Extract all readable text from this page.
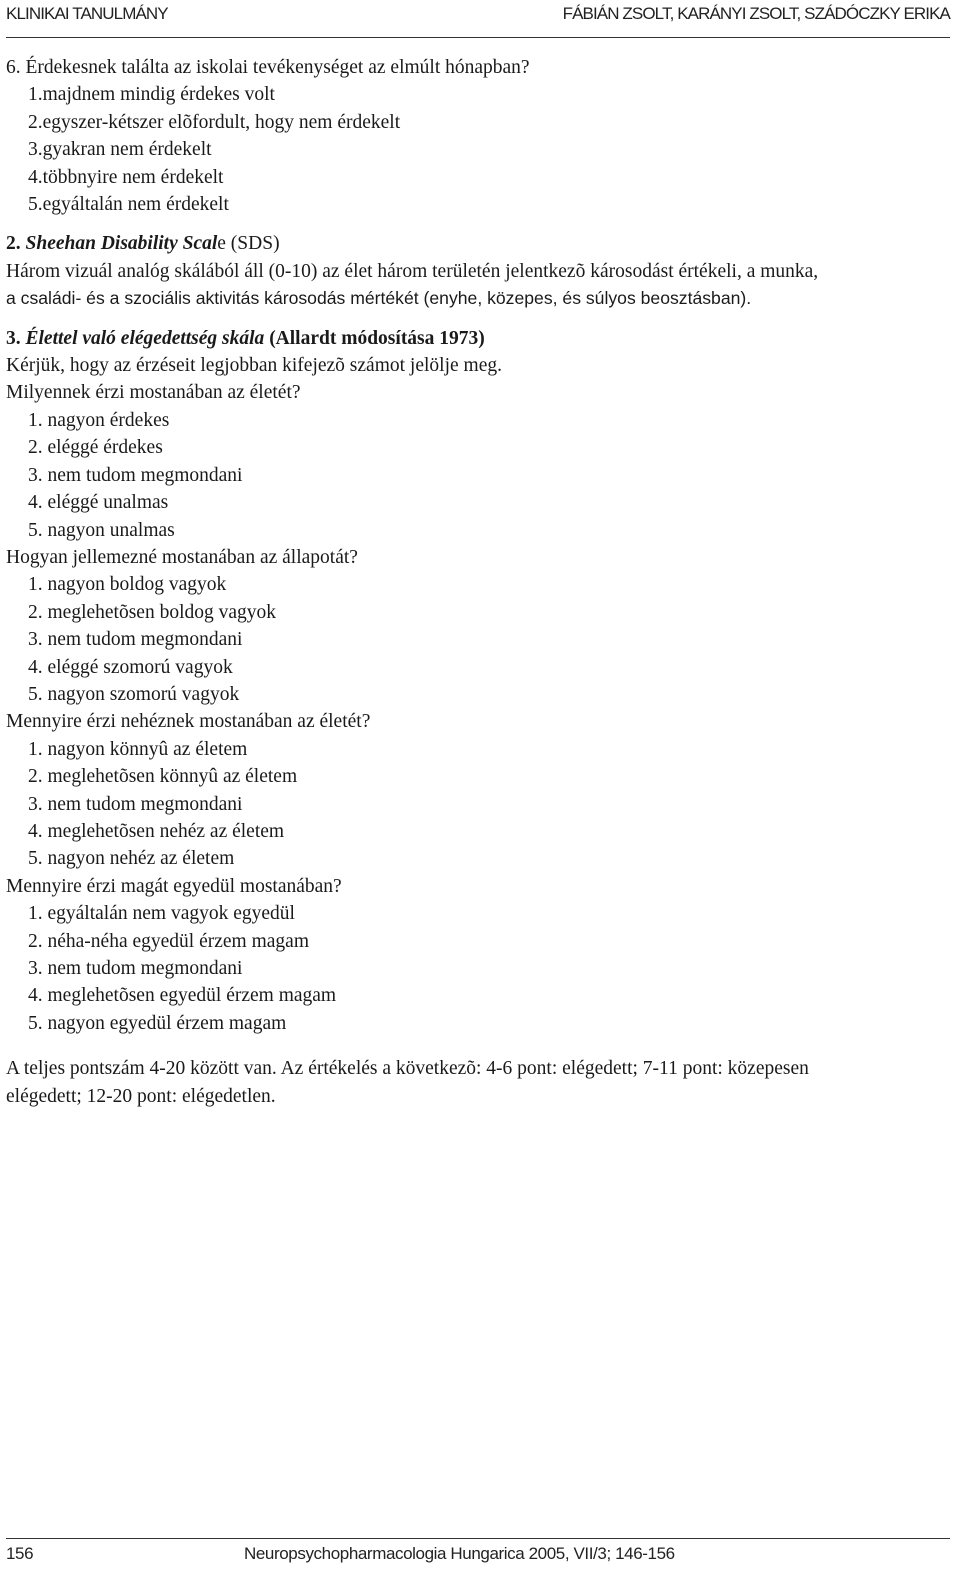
KLINIKAI TANULMÁNY	FÁBIÁN ZSOLT, KARÁNYI ZSOLT, SZÁDÓCZKY ERIKA
6. Érdekesnek találta az iskolai tevékenységet az elmúlt hónapban?
1.majdnem mindig érdekes volt
2.egyszer-kétszer elõfordult, hogy nem érdekelt
3.gyakran nem érdekelt
4.többnyire nem érdekelt
5.egyáltalán nem érdekelt
2. Sheehan Disability Scale (SDS)
Három vizuál analóg skálából áll (0-10) az élet három területén jelentkezõ károsodást értékeli, a munka,
a családi- és a szociális aktivitás károsodás mértékét (enyhe, közepes, és súlyos beosztásban).
3. Élettel való elégedettség skála (Allardt módosítása 1973)
Kérjük, hogy az érzéseit legjobban kifejezõ számot jelölje meg.
Milyennek érzi mostanában az életét?
1. nagyon érdekes
2. eléggé érdekes
3. nem tudom megmondani
4. eléggé unalmas
5. nagyon unalmas
Hogyan jellemezné mostanában az állapotát?
1. nagyon boldog vagyok
2. meglehetõsen boldog vagyok
3. nem tudom megmondani
4. eléggé szomorú vagyok
5. nagyon szomorú vagyok
Mennyire érzi nehéznek mostanában az életét?
1. nagyon könnyû az életem
2. meglehetõsen könnyû az életem
3. nem tudom megmondani
4. meglehetõsen nehéz az életem
5. nagyon nehéz az életem
Mennyire érzi magát egyedül mostanában?
1. egyáltalán nem vagyok egyedül
2. néha-néha egyedül érzem magam
3. nem tudom megmondani
4. meglehetõsen egyedül érzem magam
5. nagyon egyedül érzem magam
A teljes pontszám 4-20 között van. Az értékelés a következõ: 4-6 pont: elégedett; 7-11 pont: közepesen
elégedett; 12-20 pont: elégedetlen.
156	Neuropsychopharmacologia Hungarica 2005, VII/3; 146-156
